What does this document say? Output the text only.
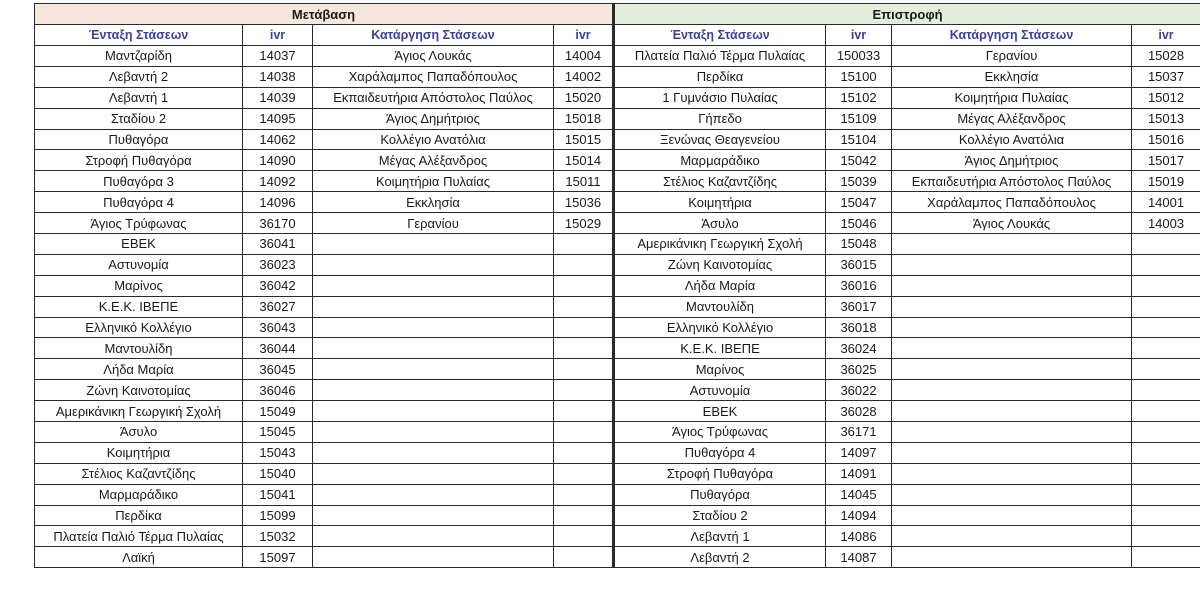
Μετάβαση				Επιστροφή			
Ένταξη Στάσεων	ivr	Κατάργηση Στάσεων	ivr	Ένταξη Στάσεων	ivr	Κατάργηση Στάσεων	ivr
Μαντζαρίδη	14037	Άγιος Λουκάς	14004	Πλατεία Παλιό Τέρμα Πυλαίας	150033	Γερανίου	15028
Λεβαντή 2	14038	Χαράλαμπος Παπαδόπουλος	14002	Περδίκα	15100	Εκκλησία	15037
Λεβαντή 1	14039	Εκπαιδευτήρια Απόστολος Παύλος	15020	1 Γυμνάσιο Πυλαίας	15102	Κοιμητήρια Πυλαίας	15012
Σταδίου 2	14095	Άγιος Δημήτριος	15018	Γήπεδο	15109	Μέγας Αλέξανδρος	15013
Πυθαγόρα	14062	Κολλέγιο Ανατόλια	15015	Ξενώνας Θεαγενείου	15104	Κολλέγιο Ανατόλια	15016
Στροφή Πυθαγόρα	14090	Μέγας Αλέξανδρος	15014	Μαρμαράδικο	15042	Άγιος Δημήτριος	15017
Πυθαγόρα 3	14092	Κοιμητήρια Πυλαίας	15011	Στέλιος Καζαντζίδης	15039	Εκπαιδευτήρια Απόστολος Παύλος	15019
Πυθαγόρα 4	14096	Εκκλησία	15036	Κοιμητήρια	15047	Χαράλαμπος Παπαδόπουλος	14001
Άγιος Τρύφωνας	36170	Γερανίου	15029	Άσυλο	15046	Άγιος Λουκάς	14003
ΕΒΕΚ	36041			Αμερικάνικη Γεωργική Σχολή	15048		
Αστυνομία	36023			Ζώνη Καινοτομίας	36015		
Μαρίνος	36042			Λήδα Μαρία	36016		
Κ.Ε.Κ. ΙΒΕΠΕ	36027			Μαντουλίδη	36017		
Ελληνικό Κολλέγιο	36043			Ελληνικό Κολλέγιο	36018		
Μαντουλίδη	36044			Κ.Ε.Κ. ΙΒΕΠΕ	36024		
Λήδα Μαρία	36045			Μαρίνος	36025		
Ζώνη Καινοτομίας	36046			Αστυνομία	36022		
Αμερικάνικη Γεωργική Σχολή	15049			ΕΒΕΚ	36028		
Άσυλο	15045			Άγιος Τρύφωνας	36171		
Κοιμητήρια	15043			Πυθαγόρα 4	14097		
Στέλιος Καζαντζίδης	15040			Στροφή Πυθαγόρα	14091		
Μαρμαράδικο	15041			Πυθαγόρα	14045		
Περδίκα	15099			Σταδίου 2	14094		
Πλατεία Παλιό Τέρμα Πυλαίας	15032			Λεβαντή 1	14086		
Λαϊκή	15097			Λεβαντή 2	14087		
